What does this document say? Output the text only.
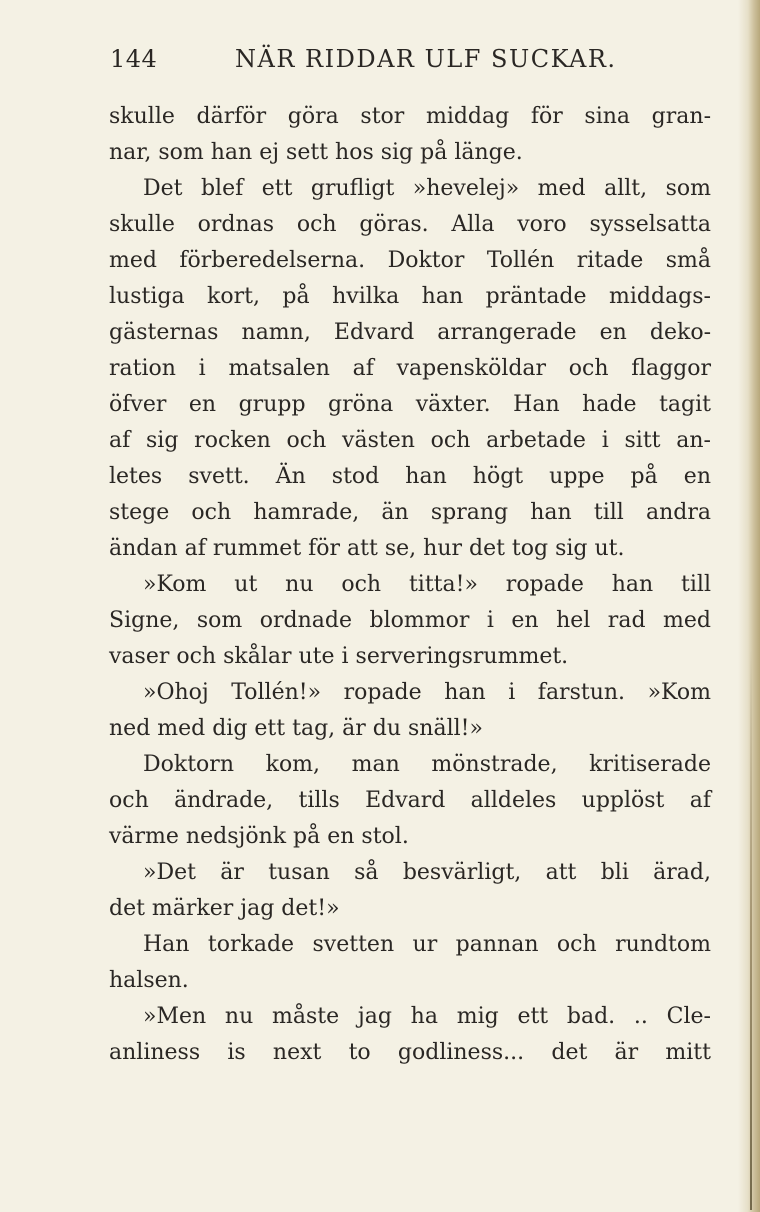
144	NÄR RIDDAR ULF SUCKAR.
skulle därför göra stor middag för sina gran-
nar, som han ej sett hos sig på länge.
Det blef ett grufligt »hevelej» med allt, som
skulle ordnas och göras. Alla voro sysselsatta
med förberedelserna. Doktor Tollén ritade små
lustiga kort, på hvilka han präntade middags-
gästernas namn, Edvard arrangerade en deko-
ration i matsalen af vapensköldar och flaggor
öfver en grupp gröna växter. Han hade tagit
af sig rocken och västen och arbetade i sitt an-
letes svett. Än stod han högt uppe på en
stege och hamrade, än sprang han till andra
ändan af rummet för att se, hur det tog sig ut.
»Kom ut nu och titta!» ropade han till
Signe, som ordnade blommor i en hel rad med
vaser och skålar ute i serveringsrummet.
»Ohoj Tollén!» ropade han i farstun. »Kom
ned med dig ett tag, är du snäll!»
Doktorn kom, man mönstrade, kritiserade
och ändrade, tills Edvard alldeles upplöst af
värme nedsjönk på en stol.
»Det är tusan så besvärligt, att bli ärad,
det märker jag det!»
Han torkade svetten ur pannan och rundtom
halsen.
»Men nu måste jag ha mig ett bad. .. Cle-
anliness is next to godliness... det är mitt
